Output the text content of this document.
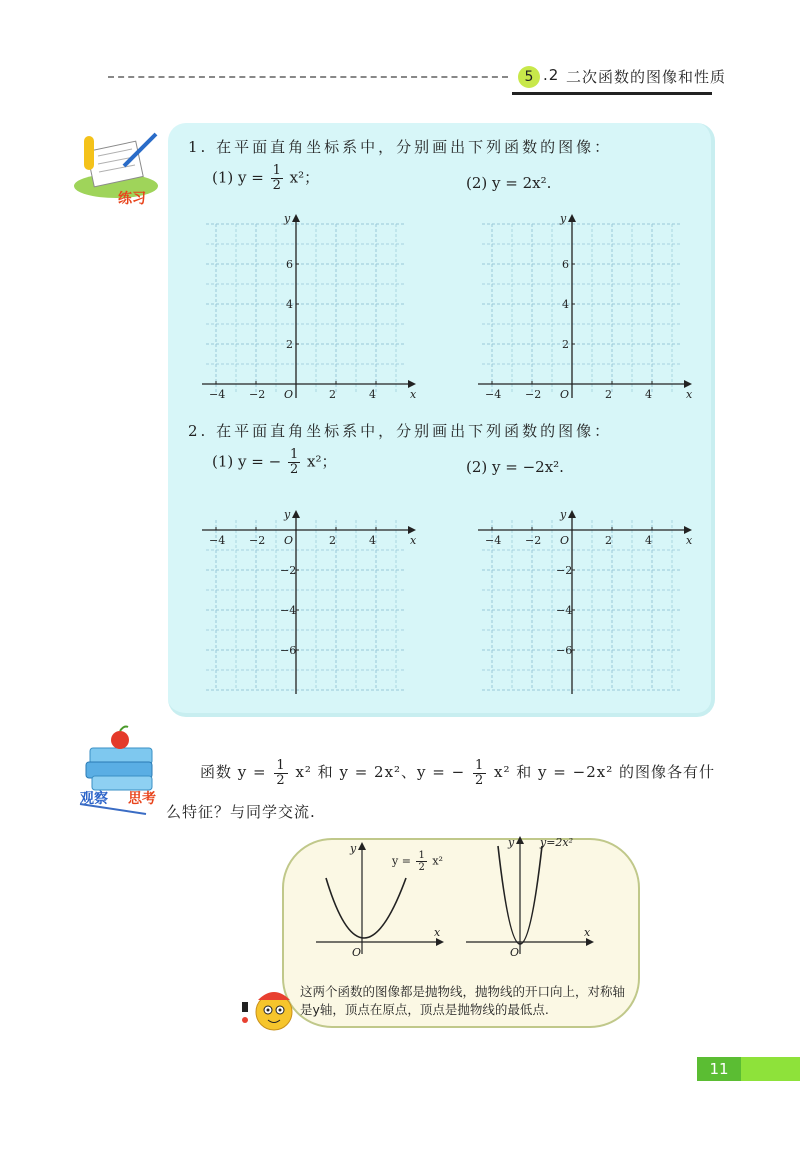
5 .2 二次函数的图像和性质
练习
1. 在平面直角坐标系中，分别画出下列函数的图像：
(1) $y = \frac{1}{2} x^2$；	(2) y = 2x².
−4 −2	2	4
2
4
6
O	x
y
−4 −2	2	4
2
4
6
O	x
y
2. 在平面直角坐标系中，分别画出下列函数的图像：
(1) y = − $\frac{1}{2} x^2$；	(2) y = −2x².
−4 −2	2	4
−2
−4
−6
O	x
y
−4 −2	2	4
−2
−4
−6
O	x
y
观察 思考
函数 $y = \frac{1}{2} x^2$ 和 y = 2x²、y = − $\frac{1}{2} x^2$ 和 y = −2x² 的图像各有什
么特征？与同学交流.
O
y
x
$y = \frac{1}{2} x^2$
O
y
x
y=2x²
这两个函数的图像都是抛物线，抛物线的开口向上，对称轴是y轴，顶点在原点，顶点是抛物线的最低点.
11
